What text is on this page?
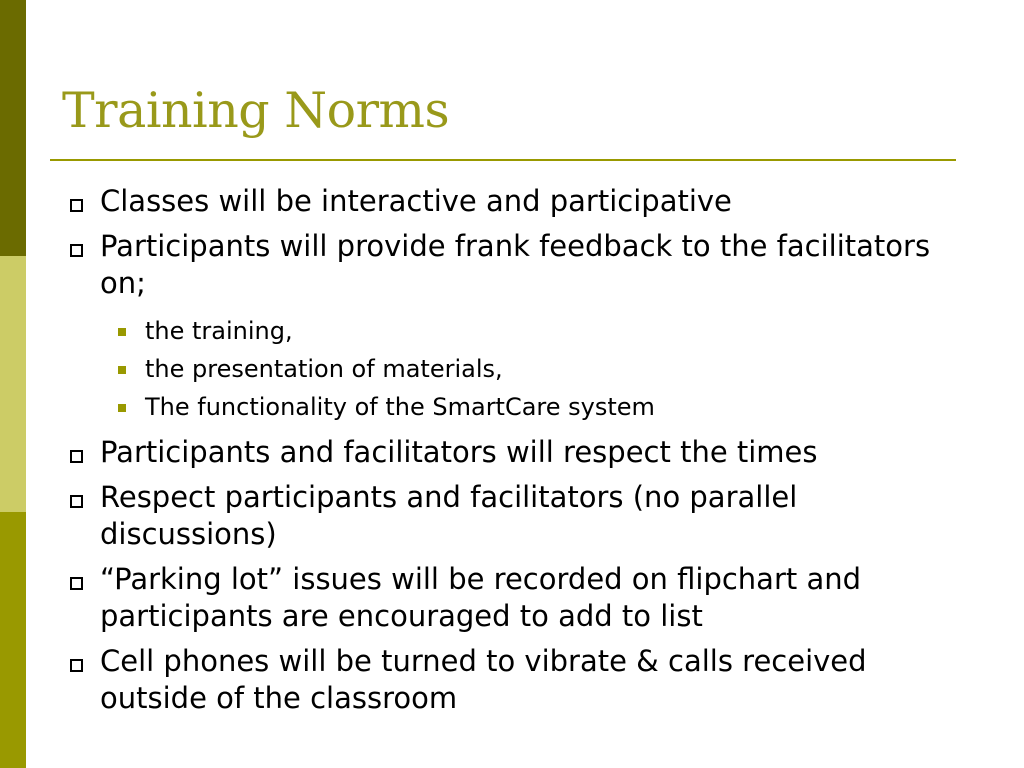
Training Norms
Classes will be interactive and participative
Participants will provide frank feedback to the facilitators on;
the training,
the presentation of materials,
The functionality of the SmartCare system
Participants and facilitators will respect the times
Respect participants and facilitators (no parallel discussions)
“Parking lot” issues will be recorded on flipchart and participants are encouraged to add to list
Cell phones will be turned to vibrate & calls received outside of the classroom
